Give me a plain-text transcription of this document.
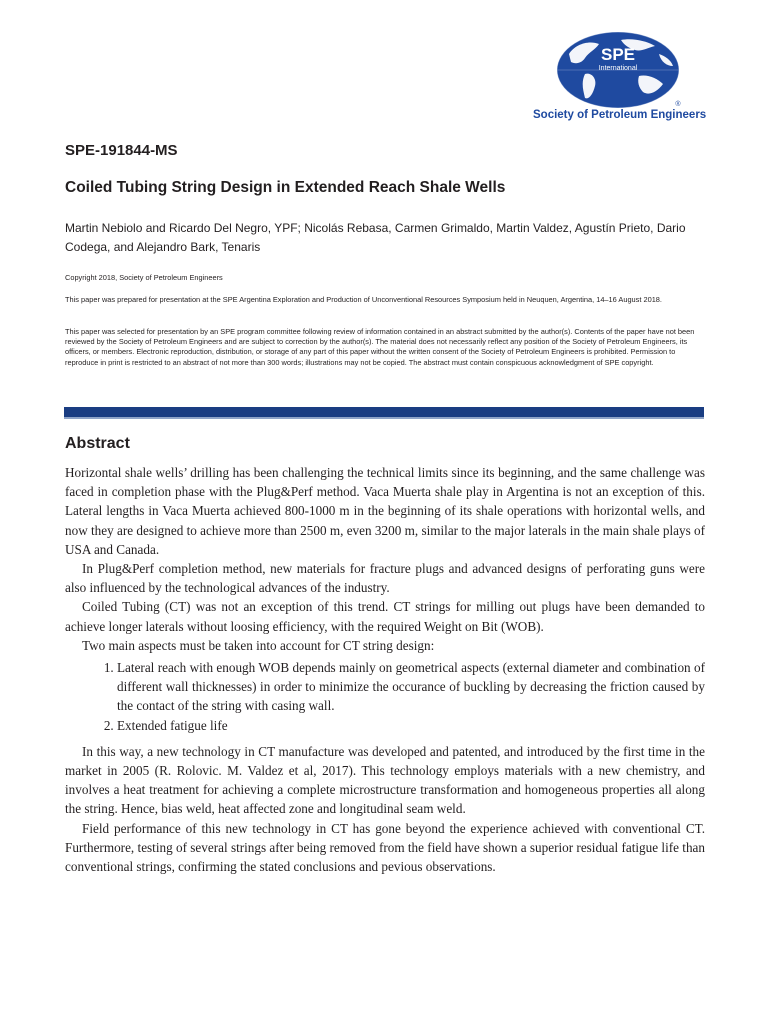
SPE
International
®
Society of Petroleum Engineers
SPE-191844-MS
Coiled Tubing String Design in Extended Reach Shale Wells
Martin Nebiolo and Ricardo Del Negro, YPF; Nicolás Rebasa, Carmen Grimaldo, Martin Valdez, Agustín Prieto, Dario Codega, and Alejandro Bark, Tenaris
Copyright 2018, Society of Petroleum Engineers
This paper was prepared for presentation at the SPE Argentina Exploration and Production of Unconventional Resources Symposium held in Neuquen, Argentina, 14–16 August 2018.
This paper was selected for presentation by an SPE program committee following review of information contained in an abstract submitted by the author(s). Contents of the paper have not been reviewed by the Society of Petroleum Engineers and are subject to correction by the author(s). The material does not necessarily reflect any position of the Society of Petroleum Engineers, its officers, or members. Electronic reproduction, distribution, or storage of any part of this paper without the written consent of the Society of Petroleum Engineers is prohibited. Permission to reproduce in print is restricted to an abstract of not more than 300 words; illustrations may not be copied. The abstract must contain conspicuous acknowledgment of SPE copyright.
Abstract

Horizontal shale wells’ drilling has been challenging the technical limits since its beginning, and the same challenge was faced in completion phase with the Plug&Perf method. Vaca Muerta shale play in Argentina is not an exception of this. Lateral lengths in Vaca Muerta achieved 800-1000 m in the beginning of its shale operations with horizontal wells, and now they are designed to achieve more than 2500 m, even 3200 m, similar to the major laterals in the main shale plays of USA and Canada.

In Plug&Perf completion method, new materials for fracture plugs and advanced designs of perforating guns were also influenced by the technological advances of the industry.

Coiled Tubing (CT) was not an exception of this trend. CT strings for milling out plugs have been demanded to achieve longer laterals without loosing efficiency, with the required Weight on Bit (WOB).

Two main aspects must be taken into account for CT string design:

1. Lateral reach with enough WOB depends mainly on geometrical aspects (external diameter and combination of different wall thicknesses) in order to minimize the occurance of buckling by decreasing the friction caused by the contact of the string with casing wall.
2. Extended fatigue life

In this way, a new technology in CT manufacture was developed and patented, and introduced by the first time in the market in 2005 (R. Rolovic. M. Valdez et al, 2017). This technology employs materials with a new chemistry, and involves a heat treatment for achieving a complete microstructure transformation and homogeneous properties all along the string. Hence, bias weld, heat affected zone and longitudinal seam weld.

Field performance of this new technology in CT has gone beyond the experience achieved with conventional CT. Furthermore, testing of several strings after being removed from the field have shown a superior residual fatigue life than conventional strings, confirming the stated conclusions and pevious observations.
